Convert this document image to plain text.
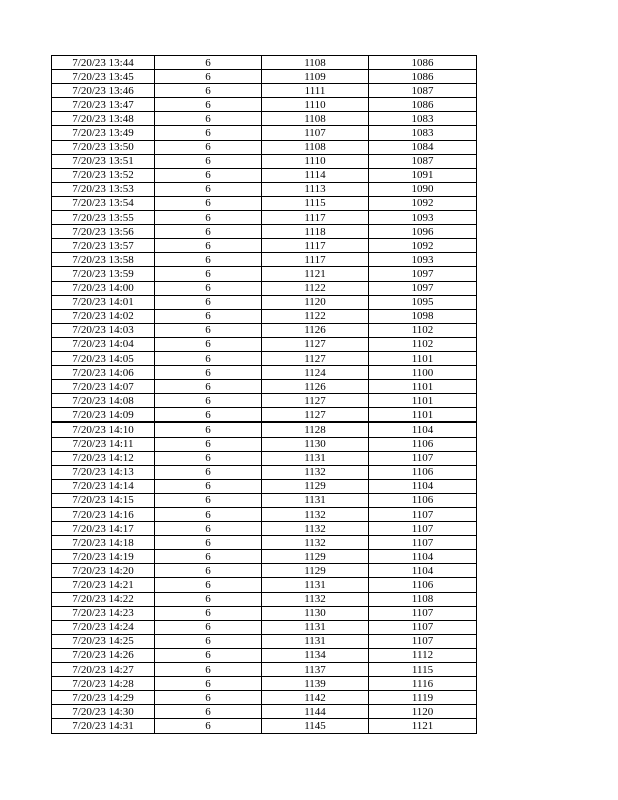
7/20/23 13:44	6	1108	1086
7/20/23 13:45	6	1109	1086
7/20/23 13:46	6	1111	1087
7/20/23 13:47	6	1110	1086
7/20/23 13:48	6	1108	1083
7/20/23 13:49	6	1107	1083
7/20/23 13:50	6	1108	1084
7/20/23 13:51	6	1110	1087
7/20/23 13:52	6	1114	1091
7/20/23 13:53	6	1113	1090
7/20/23 13:54	6	1115	1092
7/20/23 13:55	6	1117	1093
7/20/23 13:56	6	1118	1096
7/20/23 13:57	6	1117	1092
7/20/23 13:58	6	1117	1093
7/20/23 13:59	6	1121	1097
7/20/23 14:00	6	1122	1097
7/20/23 14:01	6	1120	1095
7/20/23 14:02	6	1122	1098
7/20/23 14:03	6	1126	1102
7/20/23 14:04	6	1127	1102
7/20/23 14:05	6	1127	1101
7/20/23 14:06	6	1124	1100
7/20/23 14:07	6	1126	1101
7/20/23 14:08	6	1127	1101
7/20/23 14:09	6	1127	1101
7/20/23 14:10	6	1128	1104
7/20/23 14:11	6	1130	1106
7/20/23 14:12	6	1131	1107
7/20/23 14:13	6	1132	1106
7/20/23 14:14	6	1129	1104
7/20/23 14:15	6	1131	1106
7/20/23 14:16	6	1132	1107
7/20/23 14:17	6	1132	1107
7/20/23 14:18	6	1132	1107
7/20/23 14:19	6	1129	1104
7/20/23 14:20	6	1129	1104
7/20/23 14:21	6	1131	1106
7/20/23 14:22	6	1132	1108
7/20/23 14:23	6	1130	1107
7/20/23 14:24	6	1131	1107
7/20/23 14:25	6	1131	1107
7/20/23 14:26	6	1134	1112
7/20/23 14:27	6	1137	1115
7/20/23 14:28	6	1139	1116
7/20/23 14:29	6	1142	1119
7/20/23 14:30	6	1144	1120
7/20/23 14:31	6	1145	1121
